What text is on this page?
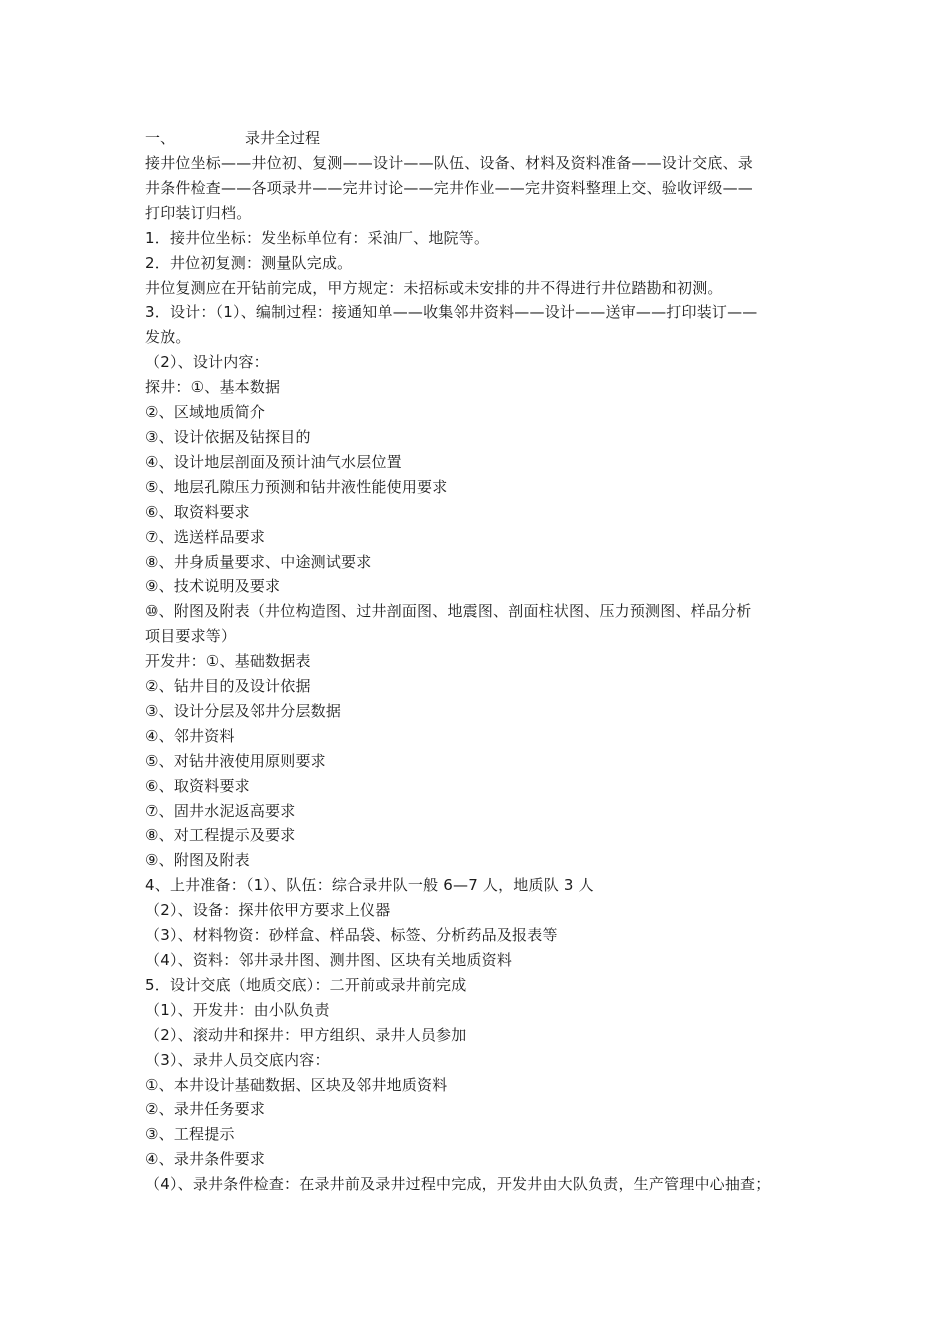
一、	录井全过程
接井位坐标——井位初、复测——设计——队伍、设备、材料及资料准备——设计交底、录
井条件检查——各项录井——完井讨论——完井作业——完井资料整理上交、验收评级——
打印装订归档。
1．接井位坐标：发坐标单位有：采油厂、地院等。
2．井位初复测：测量队完成。
井位复测应在开钻前完成，甲方规定：未招标或未安排的井不得进行井位踏勘和初测。
3．设计：（1）、编制过程：接通知单——收集邻井资料——设计——送审——打印装订——
发放。
（2）、设计内容：
探井：①、基本数据
②、区域地质简介
③、设计依据及钻探目的
④、设计地层剖面及预计油气水层位置
⑤、地层孔隙压力预测和钻井液性能使用要求
⑥、取资料要求
⑦、选送样品要求
⑧、井身质量要求、中途测试要求
⑨、技术说明及要求
⑩、附图及附表（井位构造图、过井剖面图、地震图、剖面柱状图、压力预测图、样品分析
项目要求等）
开发井：①、基础数据表
②、钻井目的及设计依据
③、设计分层及邻井分层数据
④、邻井资料
⑤、对钻井液使用原则要求
⑥、取资料要求
⑦、固井水泥返高要求
⑧、对工程提示及要求
⑨、附图及附表
4、上井准备：（1）、队伍：综合录井队一般 6—7 人，地质队 3 人
（2）、设备：探井依甲方要求上仪器
（3）、材料物资：砂样盒、样品袋、标签、分析药品及报表等
（4）、资料：邻井录井图、测井图、区块有关地质资料
5．设计交底（地质交底）：二开前或录井前完成
（1）、开发井：由小队负责
（2）、滚动井和探井：甲方组织、录井人员参加
（3）、录井人员交底内容：
①、本井设计基础数据、区块及邻井地质资料
②、录井任务要求
③、工程提示
④、录井条件要求
（4）、录井条件检查：在录井前及录井过程中完成，开发井由大队负责，生产管理中心抽查；
